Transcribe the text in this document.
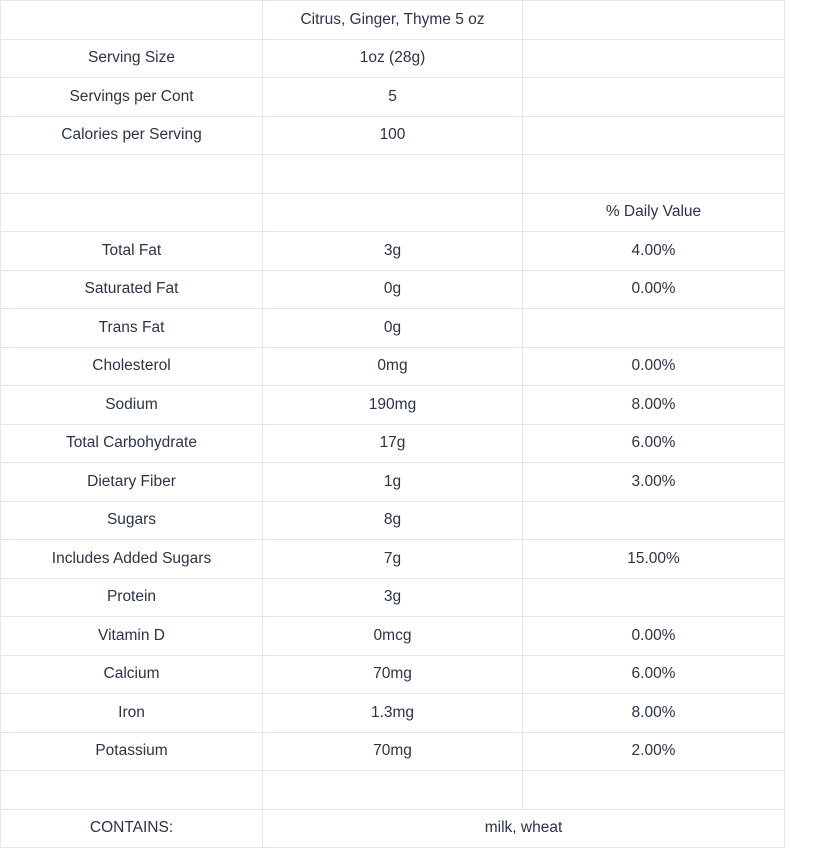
	Citrus, Ginger, Thyme 5 oz	
Serving Size	1oz (28g)	
Servings per Cont	5	
Calories per Serving	100	

		% Daily Value
Total Fat	3g	4.00%
Saturated Fat	0g	0.00%
Trans Fat	0g	
Cholesterol	0mg	0.00%
Sodium	190mg	8.00%
Total Carbohydrate	17g	6.00%
Dietary Fiber	1g	3.00%
Sugars	8g	
Includes Added Sugars	7g	15.00%
Protein	3g	
Vitamin D	0mcg	0.00%
Calcium	70mg	6.00%
Iron	1.3mg	8.00%
Potassium	70mg	2.00%

CONTAINS:	milk, wheat	
